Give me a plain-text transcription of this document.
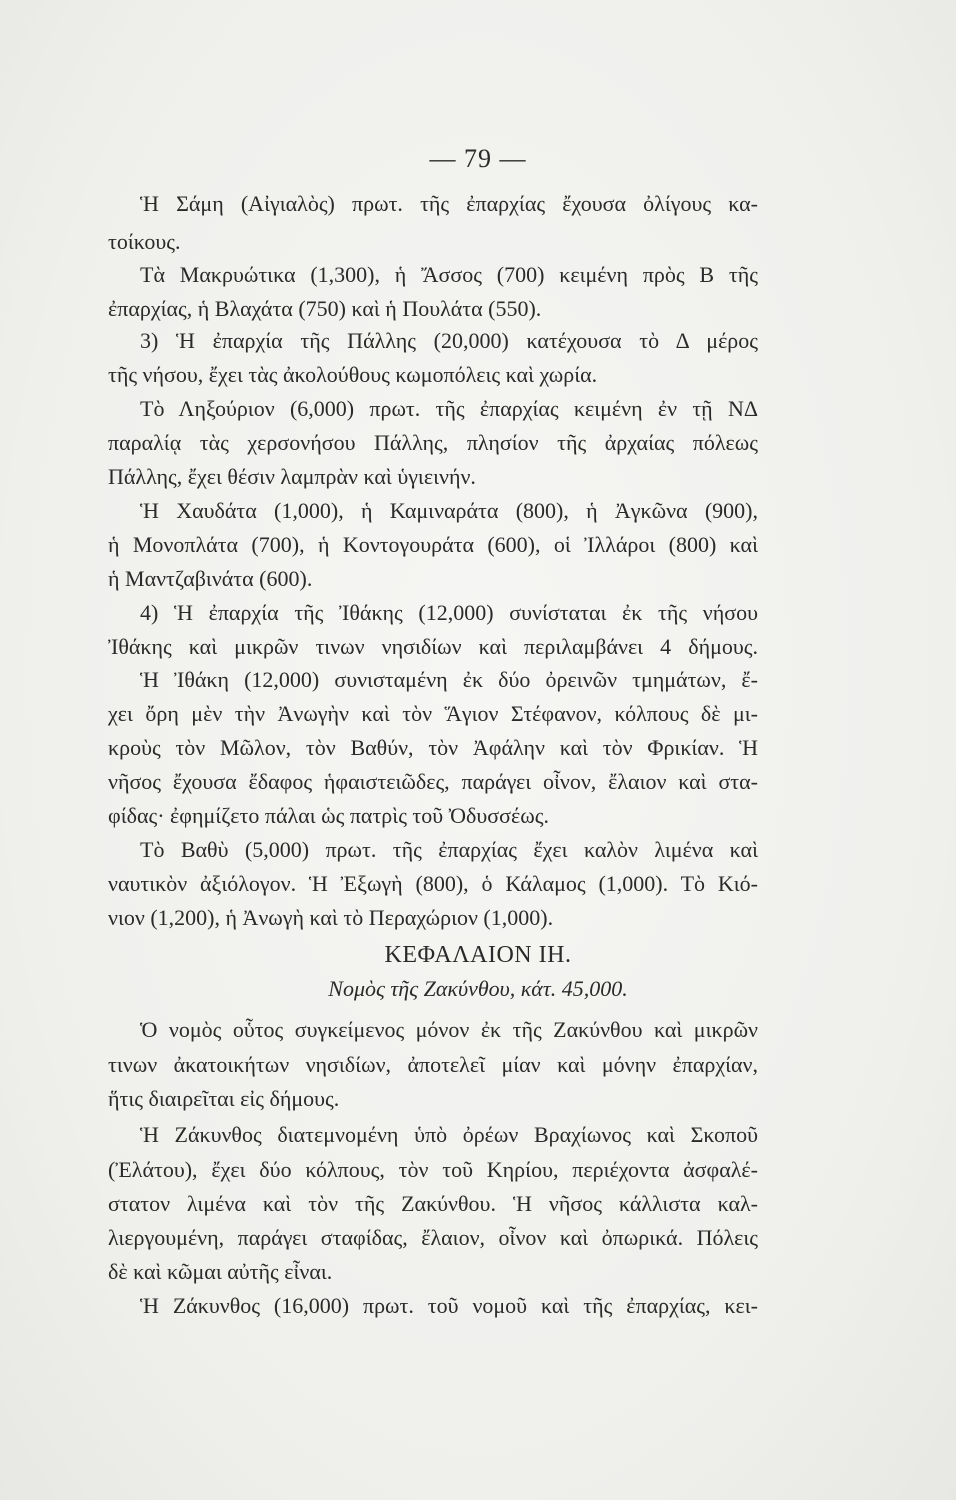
— 79 —
Ἡ Σάμη (Αἰγιαλὸς) πρωτ. τῆς ἐπαρχίας ἔχουσα ὀλίγους κα-
τοίκους.
Τὰ Μακρυώτικα (1,300), ἡ Ἄσσος (700) κειμένη πρὸς Β τῆς
ἐπαρχίας, ἡ Βλαχάτα (750) καὶ ἡ Πουλάτα (550).
3) Ἡ ἐπαρχία τῆς Πάλλης (20,000) κατέχουσα τὸ Δ μέρος
τῆς νήσου, ἔχει τὰς ἀκολούθους κωμοπόλεις καὶ χωρία.
Τὸ Ληξούριον (6,000) πρωτ. τῆς ἐπαρχίας κειμένη ἐν τῇ ΝΔ
παραλίᾳ τὰς χερσονήσου Πάλλης, πλησίον τῆς ἀρχαίας πόλεως
Πάλλης, ἔχει θέσιν λαμπρὰν καὶ ὑγιεινήν.
Ἡ Χαυδάτα (1,000), ἡ Καμιναράτα (800), ἡ Ἀγκῶνα (900),
ἡ Μονοπλάτα (700), ἡ Κοντογουράτα (600), οἱ Ἰλλάροι (800) καὶ
ἡ Μαντζαβινάτα (600).
4) Ἡ ἐπαρχία τῆς Ἰθάκης (12,000) συνίσταται ἐκ τῆς νήσου
Ἰθάκης καὶ μικρῶν τινων νησιδίων καὶ περιλαμβάνει 4 δήμους.
Ἡ Ἰθάκη (12,000) συνισταμένη ἐκ δύο ὀρεινῶν τμημάτων, ἔ-
χει ὄρη μὲν τὴν Ἀνωγὴν καὶ τὸν Ἅγιον Στέφανον, κόλπους δὲ μι-
κροὺς τὸν Μῶλον, τὸν Βαθύν, τὸν Ἀφάλην καὶ τὸν Φρικίαν. Ἡ
νῆσος ἔχουσα ἔδαφος ἡφαιστειῶδες, παράγει οἶνον, ἔλαιον καὶ στα-
φίδας· ἐφημίζετο πάλαι ὡς πατρὶς τοῦ Ὀδυσσέως.
Τὸ Βαθὺ (5,000) πρωτ. τῆς ἐπαρχίας ἔχει καλὸν λιμένα καὶ
ναυτικὸν ἀξιόλογον. Ἡ Ἐξωγὴ (800), ὁ Κάλαμος (1,000). Τὸ Κιό-
νιον (1,200), ἡ Ἀνωγὴ καὶ τὸ Περαχώριον (1,000).
ΚΕΦΑΛΑΙΟΝ ΙΗ.
Νομὸς τῆς Ζακύνθου, κάτ. 45,000.
Ὁ νομὸς οὗτος συγκείμενος μόνον ἐκ τῆς Ζακύνθου καὶ μικρῶν
τινων ἀκατοικήτων νησιδίων, ἀποτελεῖ μίαν καὶ μόνην ἐπαρχίαν,
ἥτις διαιρεῖται εἰς δήμους.
Ἡ Ζάκυνθος διατεμνομένη ὑπὸ ὀρέων Βραχίωνος καὶ Σκοποῦ
(Ἐλάτου), ἔχει δύο κόλπους, τὸν τοῦ Κηρίου, περιέχοντα ἀσφαλέ-
στατον λιμένα καὶ τὸν τῆς Ζακύνθου. Ἡ νῆσος κάλλιστα καλ-
λιεργουμένη, παράγει σταφίδας, ἔλαιον, οἶνον καὶ ὀπωρικά. Πόλεις
δὲ καὶ κῶμαι αὐτῆς εἶναι.
Ἡ Ζάκυνθος (16,000) πρωτ. τοῦ νομοῦ καὶ τῆς ἐπαρχίας, κει-
